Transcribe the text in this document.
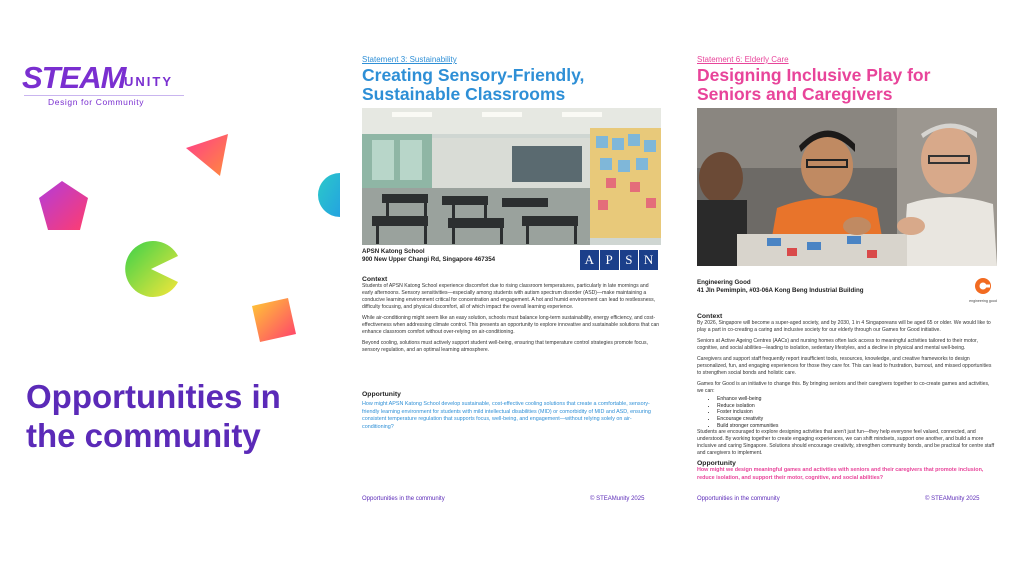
STEAM
UNITY
Design for Community
Opportunities in the community
Statement 3: Sustainability
Creating Sensory-Friendly, Sustainable Classrooms
APSN Katong School
900 New Upper Changi Rd, Singapore 467354	A P S N
Context

Students of APSN Katong School experience discomfort due to rising classroom temperatures, particularly in late mornings and early afternoons. Sensory sensitivities—especially among students with autism spectrum disorder (ASD)—make maintaining a conducive learning environment critical for concentration and engagement. A hot and humid environment can lead to restlessness, difficulty focusing, and physical discomfort, all of which impact the overall learning experience.

While air-conditioning might seem like an easy solution, schools must balance long-term sustainability, energy efficiency, and cost-effectiveness when addressing climate control. This presents an opportunity to explore innovative and sustainable solutions that can enhance classroom comfort without over-relying on air-conditioning.

Beyond cooling, solutions must actively support student well-being, ensuring that temperature control strategies promote focus, sensory regulation, and an optimal learning atmosphere.

Opportunity
How might APSN Katong School develop sustainable, cost-effective cooling solutions that create a comfortable, sensory-friendly learning environment for students with mild intellectual disabilities (MID) or comorbidity of MID and ASD, ensuring consistent temperature regulation that supports focus, well-being, and engagement—without relying solely on air-conditioning?
Opportunities in the community	© STEAMunity 2025
Statement 6: Elderly Care
Designing Inclusive Play for Seniors and Caregivers
Engineering Good
41 Jln Pemimpin, #03-06A Kong Beng Industrial Building
engineering good
Context

By 2026, Singapore will become a super-aged society, and by 2030, 1 in 4 Singaporeans will be aged 65 or older. We would like to play a part in co-creating a caring and inclusive society for our elderly through our Games for Good initiative.

Seniors at Active Ageing Centres (AACs) and nursing homes often lack access to meaningful activities tailored to their motor, cognitive, and social abilities—leading to isolation, sedentary lifestyles, and a decline in physical and mental well-being.

Caregivers and support staff frequently report insufficient tools, resources, knowledge, and creative frameworks to design personalized, fun, and engaging experiences for those they care for. This can lead to frustration, burnout, and missed opportunities to strengthen social bonds and holistic care.

Games for Good is an initiative to change this. By bringing seniors and their caregivers together to co-create games and activities, we can:

• Enhance well-being
• Reduce isolation
• Foster inclusion
• Encourage creativity
• Build stronger communities
Students are encouraged to explore designing activities that aren't just fun—they help everyone feel valued, connected, and understood. By working together to create engaging experiences, we can shift mindsets, support one another, and build a more inclusive and caring Singapore. Solutions should encourage creativity, strengthen community bonds, and be practical for centre staff and caregivers to implement.
Opportunity
How might we design meaningful games and activities with seniors and their caregivers that promote inclusion, reduce isolation, and support their motor, cognitive, and social abilities?
Opportunities in the community	© STEAMunity 2025
